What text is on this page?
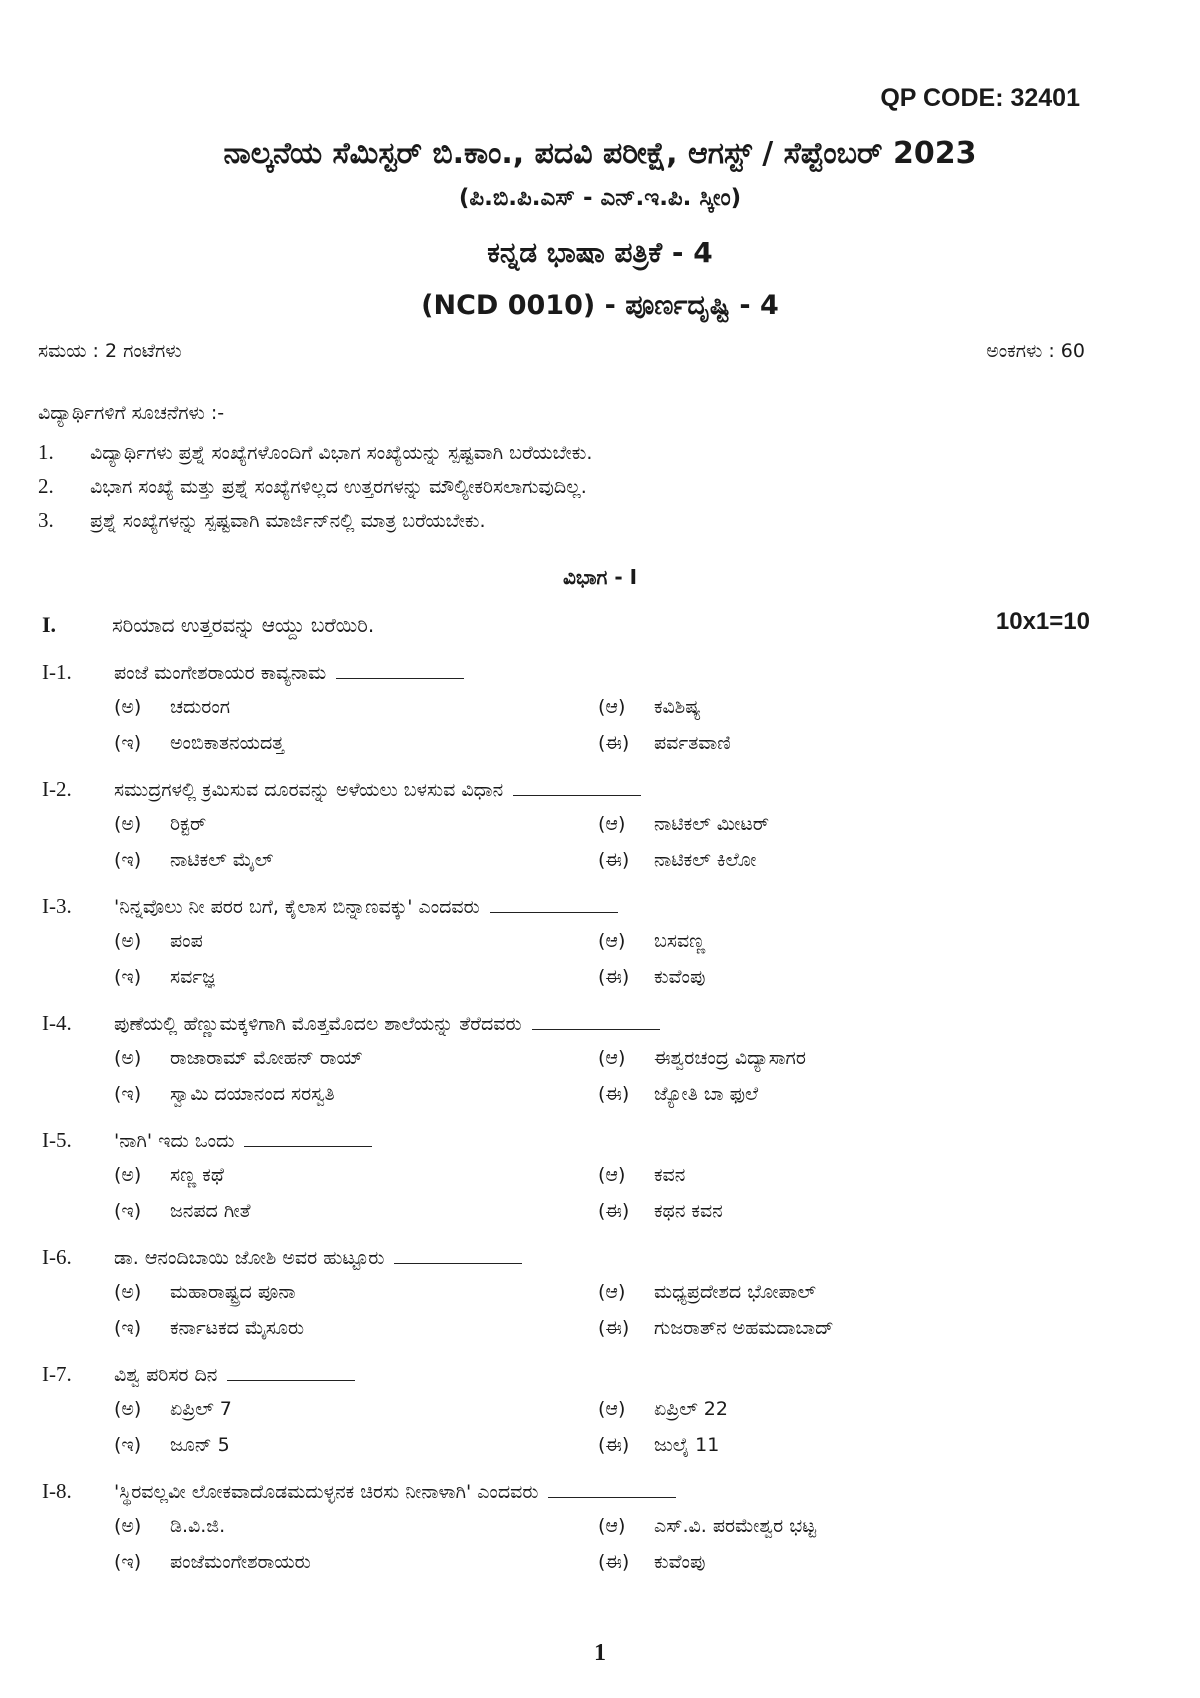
QP CODE: 32401
ನಾಲ್ಕನೆಯ ಸೆಮಿಸ್ಟರ್ ಬಿ.ಕಾಂ., ಪದವಿ ಪರೀಕ್ಷೆ, ಆಗಸ್ಟ್ / ಸೆಪ್ಟೆಂಬರ್ 2023
(ಪಿ.ಬಿ.ಪಿ.ಎಸ್ - ಎನ್.ಇ.ಪಿ. ಸ್ಕೀಂ)
ಕನ್ನಡ ಭಾಷಾ ಪತ್ರಿಕೆ - 4
(NCD 0010) - ಪೂರ್ಣದೃಷ್ಟಿ - 4
ಸಮಯ : 2 ಗಂಟೆಗಳು	ಅಂಕಗಳು : 60
ವಿದ್ಯಾರ್ಥಿಗಳಿಗೆ ಸೂಚನೆಗಳು :-
1. ವಿದ್ಯಾರ್ಥಿಗಳು ಪ್ರಶ್ನೆ ಸಂಖ್ಯೆಗಳೊಂದಿಗೆ ವಿಭಾಗ ಸಂಖ್ಯೆಯನ್ನು ಸ್ಪಷ್ಟವಾಗಿ ಬರೆಯಬೇಕು.
2. ವಿಭಾಗ ಸಂಖ್ಯೆ ಮತ್ತು ಪ್ರಶ್ನೆ ಸಂಖ್ಯೆಗಳಿಲ್ಲದ ಉತ್ತರಗಳನ್ನು ಮೌಲ್ಯೀಕರಿಸಲಾಗುವುದಿಲ್ಲ.
3. ಪ್ರಶ್ನೆ ಸಂಖ್ಯೆಗಳನ್ನು ಸ್ಪಷ್ಟವಾಗಿ ಮಾರ್ಜಿನ್‌ನಲ್ಲಿ ಮಾತ್ರ ಬರೆಯಬೇಕು.
ವಿಭಾಗ - I
I.	ಸರಿಯಾದ ಉತ್ತರವನ್ನು ಆಯ್ದು ಬರೆಯಿರಿ.	10x1=10
I-1. ಪಂಜೆ ಮಂಗೇಶರಾಯರ ಕಾವ್ಯನಾಮ
(ಅ) ಚದುರಂಗ	(ಆ) ಕವಿಶಿಷ್ಯ
(ಇ) ಅಂಬಿಕಾತನಯದತ್ತ	(ಈ) ಪರ್ವತವಾಣಿ
I-2. ಸಮುದ್ರಗಳಲ್ಲಿ ಕ್ರಮಿಸುವ ದೂರವನ್ನು ಅಳೆಯಲು ಬಳಸುವ ವಿಧಾನ
(ಅ) ರಿಕ್ಟರ್	(ಆ) ನಾಟಿಕಲ್ ಮೀಟರ್
(ಇ) ನಾಟಿಕಲ್ ಮೈಲ್	(ಈ) ನಾಟಿಕಲ್ ಕಿಲೋ
I-3. 'ನಿನ್ನವೊಲು ನೀ ಪರರ ಬಗೆ, ಕೈಲಾಸ ಬಿನ್ನಾಣವಕ್ಕು' ಎಂದವರು
(ಅ) ಪಂಪ	(ಆ) ಬಸವಣ್ಣ
(ಇ) ಸರ್ವಜ್ಞ	(ಈ) ಕುವೆಂಪು
I-4. ಪುಣೆಯಲ್ಲಿ ಹೆಣ್ಣುಮಕ್ಕಳಿಗಾಗಿ ಮೊತ್ತಮೊದಲ ಶಾಲೆಯನ್ನು ತೆರೆದವರು
(ಅ) ರಾಜಾರಾಮ್ ಮೋಹನ್ ರಾಯ್	(ಆ) ಈಶ್ವರಚಂದ್ರ ವಿದ್ಯಾಸಾಗರ
(ಇ) ಸ್ವಾಮಿ ದಯಾನಂದ ಸರಸ್ವತಿ	(ಈ) ಜ್ಯೋತಿ ಬಾ ಫುಲೆ
I-5. 'ನಾಗಿ' ಇದು ಒಂದು
(ಅ) ಸಣ್ಣ ಕಥೆ	(ಆ) ಕವನ
(ಇ) ಜನಪದ ಗೀತೆ	(ಈ) ಕಥನ ಕವನ
I-6. ಡಾ. ಆನಂದಿಬಾಯಿ ಜೋಶಿ ಅವರ ಹುಟ್ಟೂರು
(ಅ) ಮಹಾರಾಷ್ಟ್ರದ ಪೂನಾ	(ಆ) ಮಧ್ಯಪ್ರದೇಶದ ಭೋಪಾಲ್
(ಇ) ಕರ್ನಾಟಕದ ಮೈಸೂರು	(ಈ) ಗುಜರಾತ್‌ನ ಅಹಮದಾಬಾದ್
I-7. ವಿಶ್ವ ಪರಿಸರ ದಿನ
(ಅ) ಏಪ್ರಿಲ್ 7	(ಆ) ಏಪ್ರಿಲ್ 22
(ಇ) ಜೂನ್ 5	(ಈ) ಜುಲೈ 11
I-8. 'ಸ್ಥಿರವಲ್ಲವೀ ಲೋಕವಾದೊಡಮದುಳ್ಳನಕ ಚಿರಸು ನೀನಾಳಾಗಿ' ಎಂದವರು
(ಅ) ಡಿ.ವಿ.ಜಿ.	(ಆ) ಎಸ್.ವಿ. ಪರಮೇಶ್ವರ ಭಟ್ಟ
(ಇ) ಪಂಜೆಮಂಗೇಶರಾಯರು	(ಈ) ಕುವೆಂಪು
1
